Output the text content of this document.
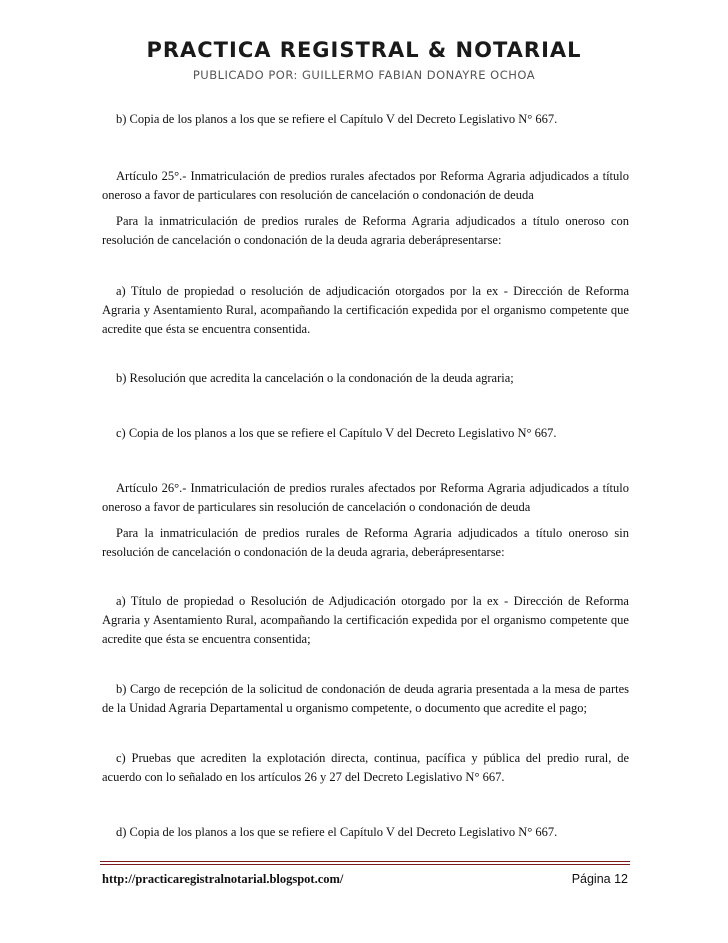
PRACTICA REGISTRAL & NOTARIAL

PUBLICADO POR: GUILLERMO FABIAN DONAYRE OCHOA

b) Copia de los planos a los que se refiere el Capítulo V del Decreto Legislativo N° 667.

Artículo 25°.- Inmatriculación de predios rurales afectados por Reforma Agraria adjudicados a título oneroso a favor de particulares con resolución de cancelación o condonación de deuda

Para la inmatriculación de predios rurales de Reforma Agraria adjudicados a título oneroso con resolución de cancelación o condonación de la deuda agraria deberápresentarse:

a) Título de propiedad o resolución de adjudicación otorgados por la ex - Dirección de Reforma Agraria y Asentamiento Rural, acompañando la certificación expedida por el organismo competente que acredite que ésta se encuentra consentida.

b) Resolución que acredita la cancelación o la condonación de la deuda agraria;

c) Copia de los planos a los que se refiere el Capítulo V del Decreto Legislativo N° 667.

Artículo 26°.- Inmatriculación de predios rurales afectados por Reforma Agraria adjudicados a título oneroso a favor de particulares sin resolución de cancelación o condonación de deuda

Para la inmatriculación de predios rurales de Reforma Agraria adjudicados a título oneroso sin resolución de cancelación o condonación de la deuda agraria, deberápresentarse:

a) Título de propiedad o Resolución de Adjudicación otorgado por la ex - Dirección de Reforma Agraria y Asentamiento Rural, acompañando la certificación expedida por el organismo competente que acredite que ésta se encuentra consentida;

b) Cargo de recepción de la solicitud de condonación de deuda agraria presentada a la mesa de partes de la Unidad Agraria Departamental u organismo competente, o documento que acredite el pago;

c) Pruebas que acrediten la explotación directa, continua, pacífica y pública del predio rural, de acuerdo con lo señalado en los artículos 26 y 27 del Decreto Legislativo N° 667.

d) Copia de los planos a los que se refiere el Capítulo V del Decreto Legislativo N° 667.

http://practicaregistralnotarial.blogspot.com/	Página 12
